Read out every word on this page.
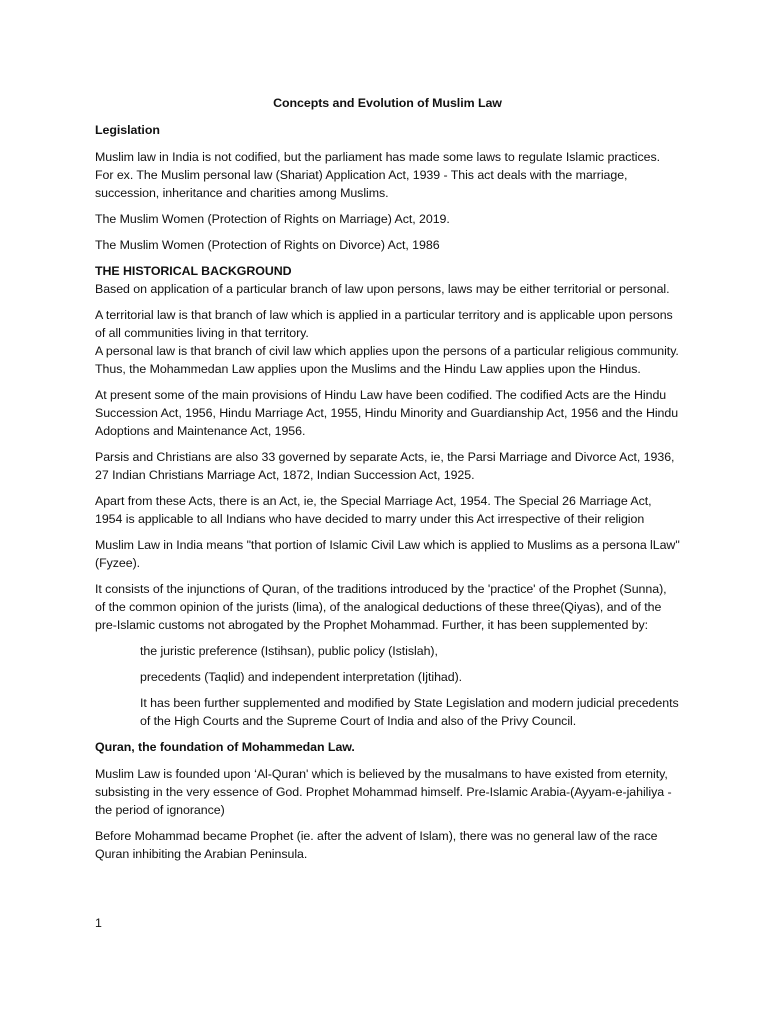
Concepts and Evolution of Muslim Law
Legislation

Muslim law in India is not codified, but the parliament has made some laws to regulate Islamic practices.

For ex. The Muslim personal law (Shariat) Application Act, 1939 - This act deals with the marriage, succession, inheritance and charities among Muslims.

The Muslim Women (Protection of Rights on Marriage) Act, 2019.

The Muslim Women (Protection of Rights on Divorce) Act, 1986

THE HISTORICAL BACKGROUND

Based on application of a particular branch of law upon persons, laws may be either territorial or personal.

A territorial law is that branch of law which is applied in a particular territory and is applicable upon persons of all communities living in that territory.

A personal law is that branch of civil law which applies upon the persons of a particular religious community. Thus, the Mohammedan Law applies upon the Muslims and the Hindu Law applies upon the Hindus.

At present some of the main provisions of Hindu Law have been codified. The codified Acts are the Hindu Succession Act, 1956, Hindu Marriage Act, 1955, Hindu Minority and Guardianship Act, 1956 and the Hindu Adoptions and Maintenance Act, 1956.

Parsis and Christians are also 33 governed by separate Acts, ie, the Parsi Marriage and Divorce Act, 1936, 27 Indian Christians Marriage Act, 1872, Indian Succession Act, 1925.

Apart from these Acts, there is an Act, ie, the Special Marriage Act, 1954. The Special 26 Marriage Act, 1954 is applicable to all Indians who have decided to marry under this Act irrespective of their religion

Muslim Law in India means "that portion of Islamic Civil Law which is applied to Muslims as a persona lLaw" (Fyzee).

It consists of the injunctions of Quran, of the traditions introduced by the 'practice' of the Prophet (Sunna), of the common opinion of the jurists (lima), of the analogical deductions of these three(Qiyas), and of the pre-Islamic customs not abrogated by the Prophet Mohammad. Further, it has been supplemented by:

the juristic preference (Istihsan), public policy (Istislah),

precedents (Taqlid) and independent interpretation (Ijtihad).

It has been further supplemented and modified by State Legislation and modern judicial precedents of the High Courts and the Supreme Court of India and also of the Privy Council.

Quran, the foundation of Mohammedan Law.

Muslim Law is founded upon ‘Al-Quran' which is believed by the musalmans to have existed from eternity, subsisting in the very essence of God. Prophet Mohammad himself. Pre-Islamic Arabia-(Ayyam-e-jahiliya -the period of ignorance)

Before Mohammad became Prophet (ie. after the advent of Islam), there was no general law of the race Quran inhibiting the Arabian Peninsula.

1
